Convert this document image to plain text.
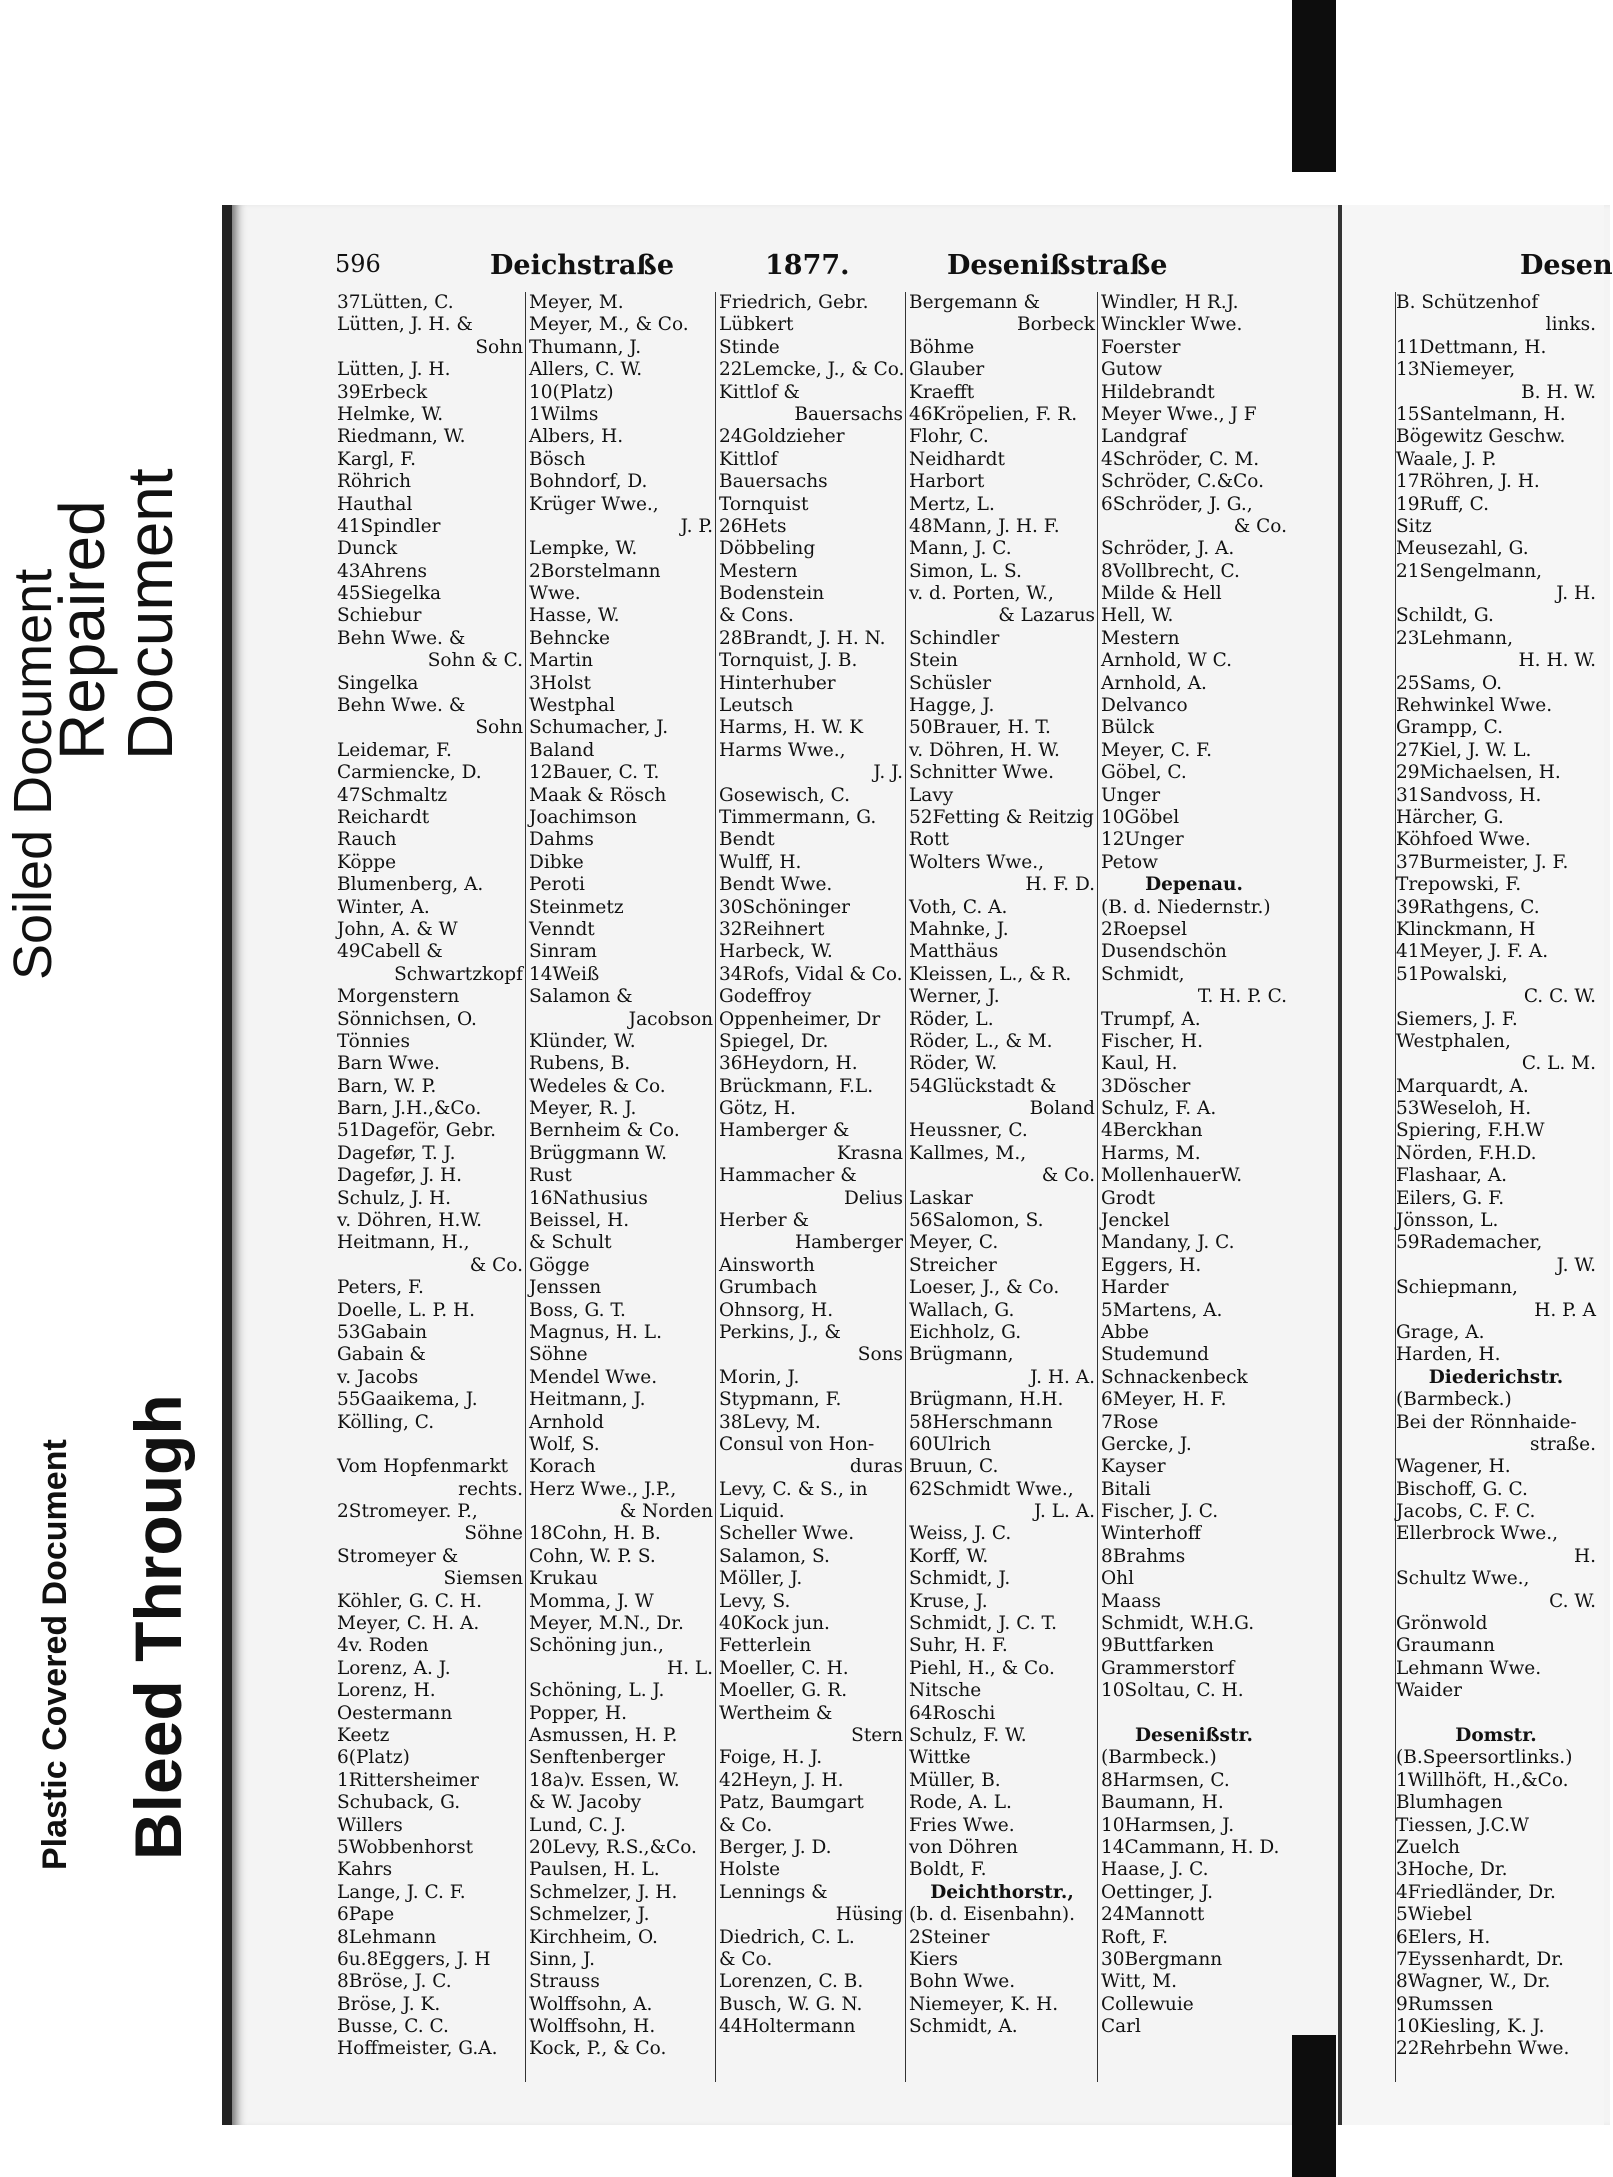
Soiled Document
Repaired Document
Plastic Covered Document Bleed Through
596	Deichstraße	1877.	Desenißstraße	Desen
37Lütten, C.
Lütten, J. H. &
Sohn
Lütten, J. H.
39Erbeck
Helmke, W.
Riedmann, W.
Kargl, F.
Röhrich
Hauthal
41Spindler
Dunck
43Ahrens
45Siegelka
Schiebur
Behn Wwe. &
Sohn & C.
Singelka
Behn Wwe. &
Sohn
Leidemar, F.
Carmiencke, D.
47Schmaltz
Reichardt
Rauch
Köppe
Blumenberg, A.
Winter, A.
John, A. & W
49Cabell &
Schwartzkopf
Morgenstern
Sönnichsen, O.
Tönnies
Barn Wwe.
Barn, W. P.
Barn, J.H.,&Co.
51Dageför, Gebr.
Dagefør, T. J.
Dagefør, J. H.
Schulz, J. H.
v. Döhren, H.W.
Heitmann, H.,
& Co.
Peters, F.
Doelle, L. P. H.
53Gabain
Gabain &
v. Jacobs
55Gaaikema, J.
Kölling, C.
Vom Hopfenmarkt
rechts.
2Stromeyer. P.,
Söhne
Stromeyer &
Siemsen
Köhler, G. C. H.
Meyer, C. H. A.
4v. Roden
Lorenz, A. J.
Lorenz, H.
Oestermann
Keetz
6(Platz)
1Rittersheimer
Schuback, G.
Willers
5Wobbenhorst
Kahrs
Lange, J. C. F.
6Pape
8Lehmann
6u.8Eggers, J. H
8Bröse, J. C.
Bröse, J. K.
Busse, C. C.
Hoffmeister, G.A.
Meyer, M.
Meyer, M., & Co.
Thumann, J.
Allers, C. W.
10(Platz)
1Wilms
Albers, H.
Bösch
Bohndorf, D.
Krüger Wwe.,
J. P.
Lempke, W.
2Borstelmann
Wwe.
Hasse, W.
Behncke
Martin
3Holst
Westphal
Schumacher, J.
Baland
12Bauer, C. T.
Maak & Rösch
Joachimson
Dahms
Dibke
Peroti
Steinmetz
Venndt
Sinram
14Weiß
Salamon &
Jacobson
Klünder, W.
Rubens, B.
Wedeles & Co.
Meyer, R. J.
Bernheim & Co.
Brüggmann W.
Rust
16Nathusius
Beissel, H.
& Schult
Gögge
Jenssen
Boss, G. T.
Magnus, H. L.
Söhne
Mendel Wwe.
Heitmann, J.
Arnhold
Wolf, S.
Korach
Herz Wwe., J.P.,
& Norden
18Cohn, H. B.
Cohn, W. P. S.
Krukau
Momma, J. W
Meyer, M.N., Dr.
Schöning jun.,
H. L.
Schöning, L. J.
Popper, H.
Asmussen, H. P.
Senftenberger
18a)v. Essen, W.
& W. Jacoby
Lund, C. J.
20Levy, R.S.,&Co.
Paulsen, H. L.
Schmelzer, J. H.
Schmelzer, J.
Kirchheim, O.
Sinn, J.
Strauss
Wolffsohn, A.
Wolffsohn, H.
Kock, P., & Co.
Friedrich, Gebr.
Lübkert
Stinde
22Lemcke, J., & Co.
Kittlof &
Bauersachs
24Goldzieher
Kittlof
Bauersachs
Tornquist
26Hets
Döbbeling
Mestern
Bodenstein
& Cons.
28Brandt, J. H. N.
Tornquist, J. B.
Hinterhuber
Leutsch
Harms, H. W. K
Harms Wwe.,
J. J.
Gosewisch, C.
Timmermann, G.
Bendt
Wulff, H.
Bendt Wwe.
30Schöninger
32Reihnert
Harbeck, W.
34Rofs, Vidal & Co.
Godeffroy
Oppenheimer, Dr
Spiegel, Dr.
36Heydorn, H.
Brückmann, F.L.
Götz, H.
Hamberger &
Krasna
Hammacher &
Delius
Herber &
Hamberger
Ainsworth
Grumbach
Ohnsorg, H.
Perkins, J., &
Sons
Morin, J.
Stypmann, F.
38Levy, M.
Consul von Hon-
duras
Levy, C. & S., in
Liquid.
Scheller Wwe.
Salamon, S.
Möller, J.
Levy, S.
40Kock jun.
Fetterlein
Moeller, C. H.
Moeller, G. R.
Wertheim &
Stern
Foige, H. J.
42Heyn, J. H.
Patz, Baumgart
& Co.
Berger, J. D.
Holste
Lennings &
Hüsing
Diedrich, C. L.
& Co.
Lorenzen, C. B.
Busch, W. G. N.
44Holtermann
Bergemann &
Borbeck
Böhme
Glauber
Kraefft
46Kröpelien, F. R.
Flohr, C.
Neidhardt
Harbort
Mertz, L.
48Mann, J. H. F.
Mann, J. C.
Simon, L. S.
v. d. Porten, W.,
& Lazarus
Schindler
Stein
Schüsler
Hagge, J.
50Brauer, H. T.
v. Döhren, H. W.
Schnitter Wwe.
Lavy
52Fetting & Reitzig
Rott
Wolters Wwe.,
H. F. D.
Voth, C. A.
Mahnke, J.
Matthäus
Kleissen, L., & R.
Werner, J.
Röder, L.
Röder, L., & M.
Röder, W.
54Glückstadt &
Boland
Heussner, C.
Kallmes, M.,
& Co.
Laskar
56Salomon, S.
Meyer, C.
Streicher
Loeser, J., & Co.
Wallach, G.
Eichholz, G.
Brügmann,
J. H. A.
Brügmann, H.H.
58Herschmann
60Ulrich
Bruun, C.
62Schmidt Wwe.,
J. L. A.
Weiss, J. C.
Korff, W.
Schmidt, J.
Kruse, J.
Schmidt, J. C. T.
Suhr, H. F.
Piehl, H., & Co.
Nitsche
64Roschi
Schulz, F. W.
Wittke
Müller, B.
Rode, A. L.
Fries Wwe.
von Döhren
Boldt, F.
Deichthorstr.,
(b. d. Eisenbahn).
2Steiner
Kiers
Bohn Wwe.
Niemeyer, K. H.
Schmidt, A.
Windler, H R.J.
Winckler Wwe.
Foerster
Gutow
Hildebrandt
Meyer Wwe., J F
Landgraf
4Schröder, C. M.
Schröder, C.&Co.
6Schröder, J. G.,
& Co.
Schröder, J. A.
8Vollbrecht, C.
Milde & Hell
Hell, W.
Mestern
Arnhold, W C.
Arnhold, A.
Delvanco
Bülck
Meyer, C. F.
Göbel, C.
Unger
10Göbel
12Unger
Petow
Depenau.
(B. d. Niedernstr.)
2Roepsel
Dusendschön
Schmidt,
T. H. P. C.
Trumpf, A.
Fischer, H.
Kaul, H.
3Döscher
Schulz, F. A.
4Berckhan
Harms, M.
MollenhauerW.
Grodt
Jenckel
Mandany, J. C.
Eggers, H.
Harder
5Martens, A.
Abbe
Studemund
Schnackenbeck
6Meyer, H. F.
7Rose
Gercke, J.
Kayser
Bitali
Fischer, J. C.
Winterhoff
8Brahms
Ohl
Maass
Schmidt, W.H.G.
9Buttfarken
Grammerstorf
10Soltau, C. H.
Desenißstr.
(Barmbeck.)
8Harmsen, C.
Baumann, H.
10Harmsen, J.
14Cammann, H. D.
Haase, J. C.
Oettinger, J.
24Mannott
Roft, F.
30Bergmann
Witt, M.
Collewuie
Carl
B. Schützenhof
links.
11Dettmann, H.
13Niemeyer,
B. H. W.
15Santelmann, H.
Bögewitz Geschw.
Waale, J. P.
17Röhren, J. H.
19Ruff, C.
Sitz
Meusezahl, G.
21Sengelmann,
J. H.
Schildt, G.
23Lehmann,
H. H. W.
25Sams, O.
Rehwinkel Wwe.
Grampp, C.
27Kiel, J. W. L.
29Michaelsen, H.
31Sandvoss, H.
Härcher, G.
Köhfoed Wwe.
37Burmeister, J. F.
Trepowski, F.
39Rathgens, C.
Klinckmann, H
41Meyer, J. F. A.
51Powalski,
C. C. W.
Siemers, J. F.
Westphalen,
C. L. M.
Marquardt, A.
53Weseloh, H.
Spiering, F.H.W
Nörden, F.H.D.
Flashaar, A.
Eilers, G. F.
Jönsson, L.
59Rademacher,
J. W.
Schiepmann,
H. P. A
Grage, A.
Harden, H.
Diederichstr.
(Barmbeck.)
Bei der Rönnhaide-
straße.
Wagener, H.
Bischoff, G. C.
Jacobs, C. F. C.
Ellerbrock Wwe.,
H.
Schultz Wwe.,
C. W.
Grönwold
Graumann
Lehmann Wwe.
Waider
Domstr.
(B.Speersortlinks.)
1Willhöft, H.,&Co.
Blumhagen
Tiessen, J.C.W
Zuelch
3Hoche, Dr.
4Friedländer, Dr.
5Wiebel
6Elers, H.
7Eyssenhardt, Dr.
8Wagner, W., Dr.
9Rumssen
10Kiesling, K. J.
22Rehrbehn Wwe.
